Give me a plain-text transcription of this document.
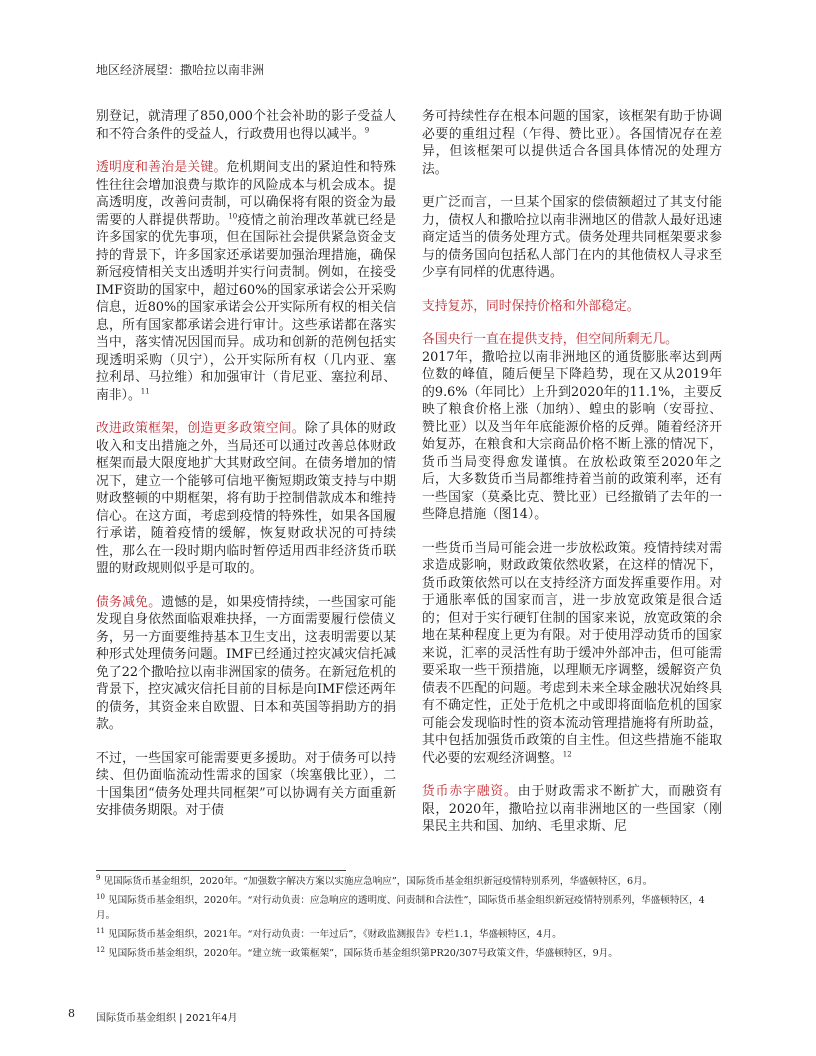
地区经济展望：撒哈拉以南非洲

别登记，就清理了850,000个社会补助的影子受益人和不符合条件的受益人，行政费用也得以减半。$^9$

透明度和善治是关键。危机期间支出的紧迫性和特殊性往往会增加浪费与欺诈的风险成本与机会成本。提高透明度，改善问责制，可以确保将有限的资金为最需要的人群提供帮助。$^{10}$疫情之前治理改革就已经是许多国家的优先事项，但在国际社会提供紧急资金支持的背景下，许多国家还承诺要加强治理措施，确保新冠疫情相关支出透明并实行问责制。例如，在接受IMF资助的国家中，超过60%的国家承诺会公开采购信息，近80%的国家承诺会公开实际所有权的相关信息，所有国家都承诺会进行审计。这些承诺都在落实当中，落实情况因国而异。成功和创新的范例包括实现透明采购（贝宁），公开实际所有权（几内亚、塞拉利昂、马拉维）和加强审计（肯尼亚、塞拉利昂、南非）。$^{11}$

改进政策框架，创造更多政策空间。除了具体的财政收入和支出措施之外，当局还可以通过改善总体财政框架而最大限度地扩大其财政空间。在债务增加的情况下，建立一个能够可信地平衡短期政策支持与中期财政整顿的中期框架，将有助于控制借款成本和维持信心。在这方面，考虑到疫情的特殊性，如果各国履行承诺，随着疫情的缓解，恢复财政状况的可持续性，那么在一段时期内临时暂停适用西非经济货币联盟的财政规则似乎是可取的。

债务减免。遗憾的是，如果疫情持续，一些国家可能发现自身依然面临艰难抉择，一方面需要履行偿债义务，另一方面要维持基本卫生支出，这表明需要以某种形式处理债务问题。IMF已经通过控灾减灾信托减免了22个撒哈拉以南非洲国家的债务。在新冠危机的背景下，控灾减灾信托目前的目标是向IMF偿还两年的债务，其资金来自欧盟、日本和英国等捐助方的捐款。

不过，一些国家可能需要更多援助。对于债务可以持续、但仍面临流动性需求的国家（埃塞俄比亚），二十国集团“债务处理共同框架”可以协调有关方面重新安排债务期限。对于债

务可持续性存在根本问题的国家，该框架有助于协调必要的重组过程（乍得、赞比亚）。各国情况存在差异，但该框架可以提供适合各国具体情况的处理方法。

更广泛而言，一旦某个国家的偿债额超过了其支付能力，债权人和撒哈拉以南非洲地区的借款人最好迅速商定适当的债务处理方式。债务处理共同框架要求参与的债务国向包括私人部门在内的其他债权人寻求至少享有同样的优惠待遇。

支持复苏，同时保持价格和外部稳定。

各国央行一直在提供支持，但空间所剩无几。
2017年，撒哈拉以南非洲地区的通货膨胀率达到两位数的峰值，随后便呈下降趋势，现在又从2019年的9.6%（年同比）上升到2020年的11.1%，主要反映了粮食价格上涨（加纳）、蝗虫的影响（安哥拉、赞比亚）以及当年年底能源价格的反弹。随着经济开始复苏，在粮食和大宗商品价格不断上涨的情况下，货币当局变得愈发谨慎。在放松政策至2020年之后，大多数货币当局都维持着当前的政策利率，还有一些国家（莫桑比克、赞比亚）已经撤销了去年的一些降息措施（图14）。

一些货币当局可能会进一步放松政策。疫情持续对需求造成影响，财政政策依然收紧，在这样的情况下，货币政策依然可以在支持经济方面发挥重要作用。对于通胀率低的国家而言，进一步放宽政策是很合适的；但对于实行硬钉住制的国家来说，放宽政策的余地在某种程度上更为有限。对于使用浮动货币的国家来说，汇率的灵活性有助于缓冲外部冲击，但可能需要采取一些干预措施，以理顺无序调整，缓解资产负债表不匹配的问题。考虑到未来全球金融状况始终具有不确定性，正处于危机之中或即将面临危机的国家可能会发现临时性的资本流动管理措施将有所助益，其中包括加强货币政策的自主性。但这些措施不能取代必要的宏观经济调整。$^{12}$

货币赤字融资。由于财政需求不断扩大，而融资有限，2020年，撒哈拉以南非洲地区的一些国家（刚果民主共和国、加纳、毛里求斯、尼

$^9$ 见国际货币基金组织，2020年。“加强数字解决方案以实施应急响应”，国际货币基金组织新冠疫情特别系列，华盛顿特区，6月。
$^{10}$ 见国际货币基金组织，2020年。“对行动负责：应急响应的透明度、问责制和合法性”，国际货币基金组织新冠疫情特别系列，华盛顿特区，4月。
$^{11}$ 见国际货币基金组织，2021年。“对行动负责：一年过后”，《财政监测报告》专栏1.1，华盛顿特区，4月。
$^{12}$ 见国际货币基金组织，2020年。“建立统一政策框架”，国际货币基金组织第PR20/307号政策文件，华盛顿特区，9月。
8 国际货币基金组织 | 2021年4月
